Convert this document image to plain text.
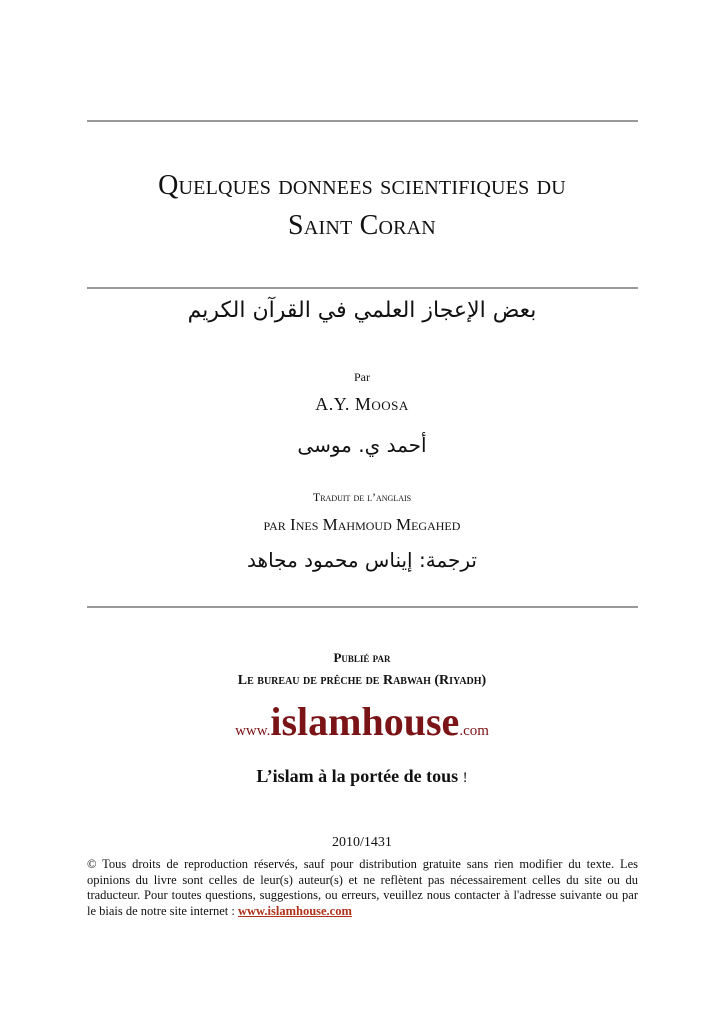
Quelques donnees scientifiques du
Saint Coran
بعض الإعجاز العلمي في القرآن الكريم
Par
A.Y. Moosa
أحمد ي. موسى
Traduit de l’anglais
par Ines Mahmoud Megahed
ترجمة: إيناس محمود مجاهد
Publié par
Le bureau de prêche de Rabwah (Riyadh)
www.islamhouse.com
L’islam à la portée de tous !
2010/1431
© Tous droits de reproduction réservés, sauf pour distribution gratuite sans rien modifier du texte. Les opinions du livre sont celles de leur(s) auteur(s) et ne reflètent pas nécessairement celles du site ou du traducteur. Pour toutes questions, suggestions, ou erreurs, veuillez nous contacter à l'adresse suivante ou par le biais de notre site internet : www.islamhouse.com
